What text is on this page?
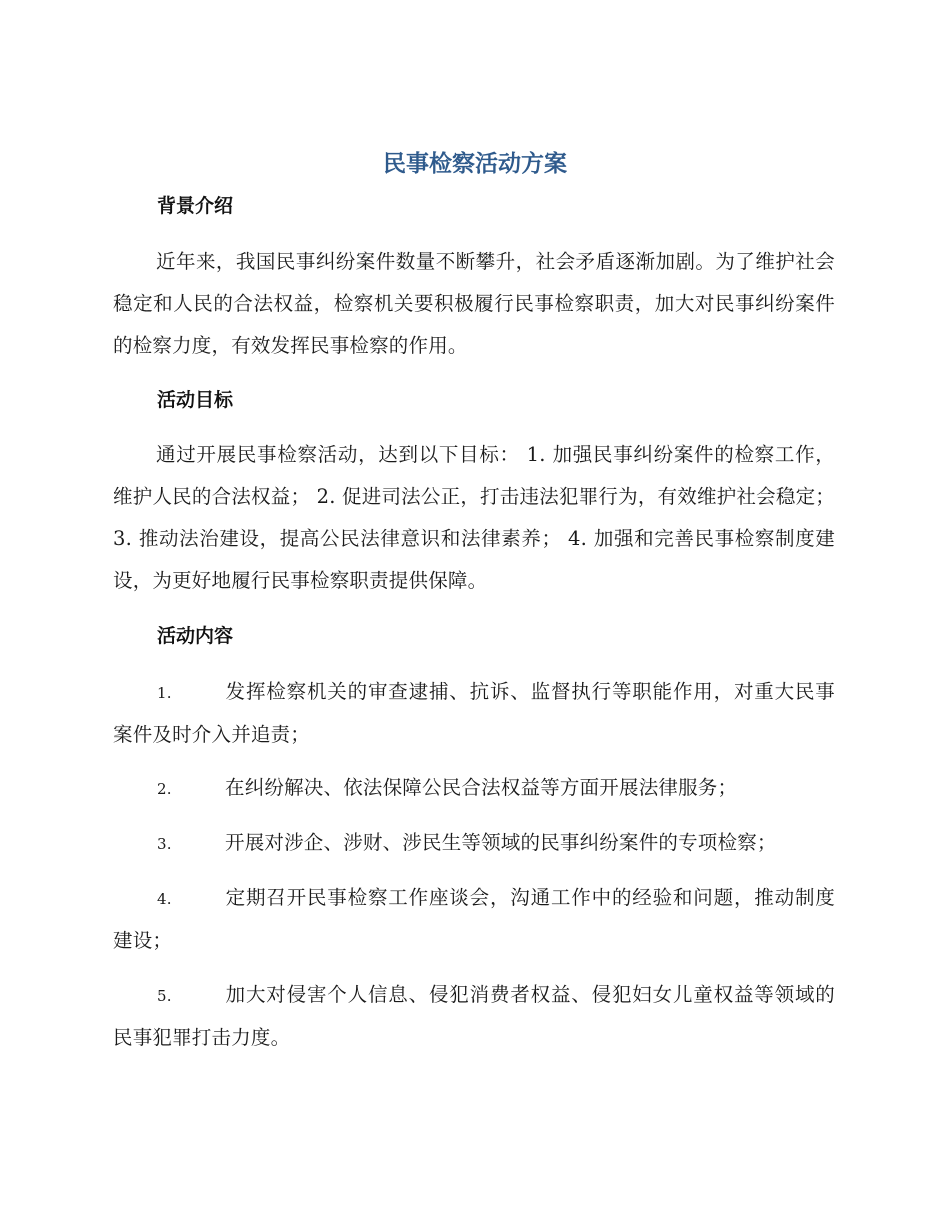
民事检察活动方案
背景介绍
近年来，我国民事纠纷案件数量不断攀升，社会矛盾逐渐加剧。为了维护社会稳定和人民的合法权益，检察机关要积极履行民事检察职责，加大对民事纠纷案件的检察力度，有效发挥民事检察的作用。
活动目标
通过开展民事检察活动，达到以下目标： 1. 加强民事纠纷案件的检察工作，维护人民的合法权益； 2. 促进司法公正，打击违法犯罪行为，有效维护社会稳定； 3. 推动法治建设，提高公民法律意识和法律素养； 4. 加强和完善民事检察制度建设，为更好地履行民事检察职责提供保障。
活动内容
1.	发挥检察机关的审查逮捕、抗诉、监督执行等职能作用，对重大民事案件及时介入并追责；
2.	在纠纷解决、依法保障公民合法权益等方面开展法律服务；
3.	开展对涉企、涉财、涉民生等领域的民事纠纷案件的专项检察；
4.	定期召开民事检察工作座谈会，沟通工作中的经验和问题，推动制度建设；
5.	加大对侵害个人信息、侵犯消费者权益、侵犯妇女儿童权益等领域的民事犯罪打击力度。
